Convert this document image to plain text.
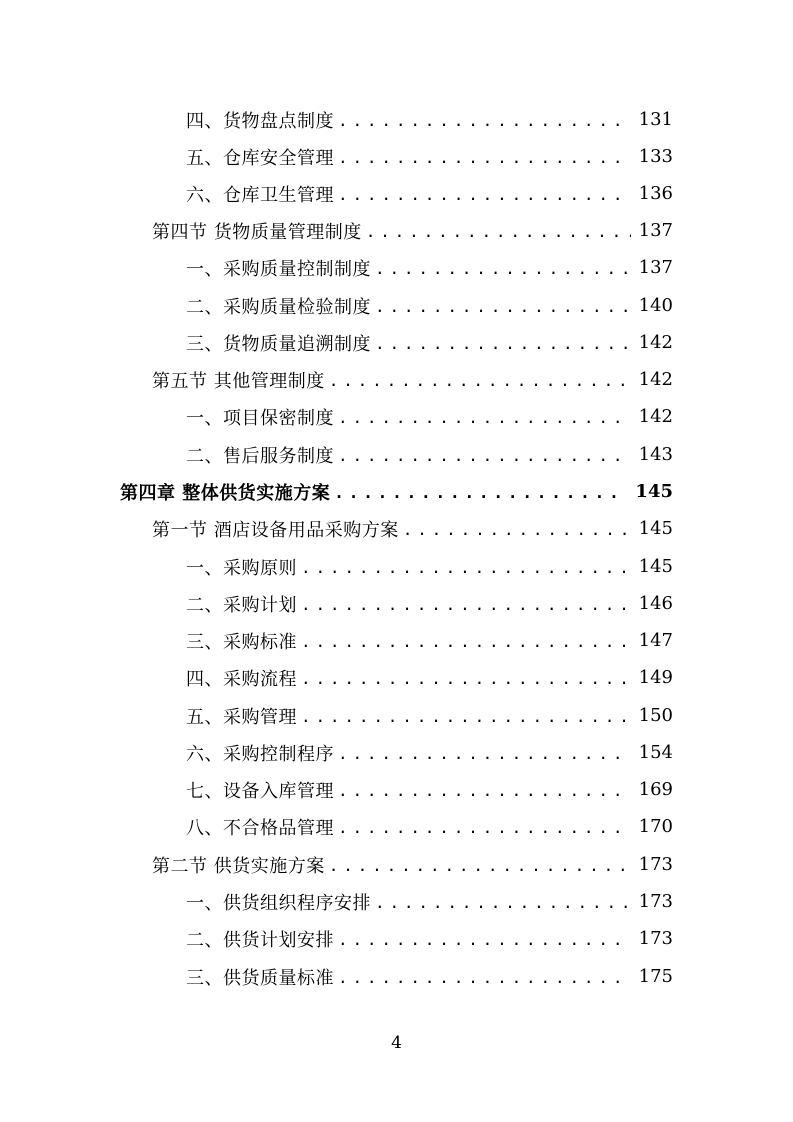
四、货物盘点制度 . . .	131
五、仓库安全管理 . . .	133
六、仓库卫生管理 . . .	136
第四节 货物质量管理制度 . . .	137
一、采购质量控制制度 . . .	137
二、采购质量检验制度 . . .	140
三、货物质量追溯制度 . . .	142
第五节 其他管理制度 . . .	142
一、项目保密制度 . . .	142
二、售后服务制度 . . .	143
第四章 整体供货实施方案 . . .	145
第一节 酒店设备用品采购方案 . . .	145
一、采购原则 . . .	145
二、采购计划 . . .	146
三、采购标准 . . .	147
四、采购流程 . . .	149
五、采购管理 . . .	150
六、采购控制程序 . . .	154
七、设备入库管理 . . .	169
八、不合格品管理 . . .	170
第二节 供货实施方案 . . .	173
一、供货组织程序安排 . . .	173
二、供货计划安排 . . .	173
三、供货质量标准 . . .	175
4
